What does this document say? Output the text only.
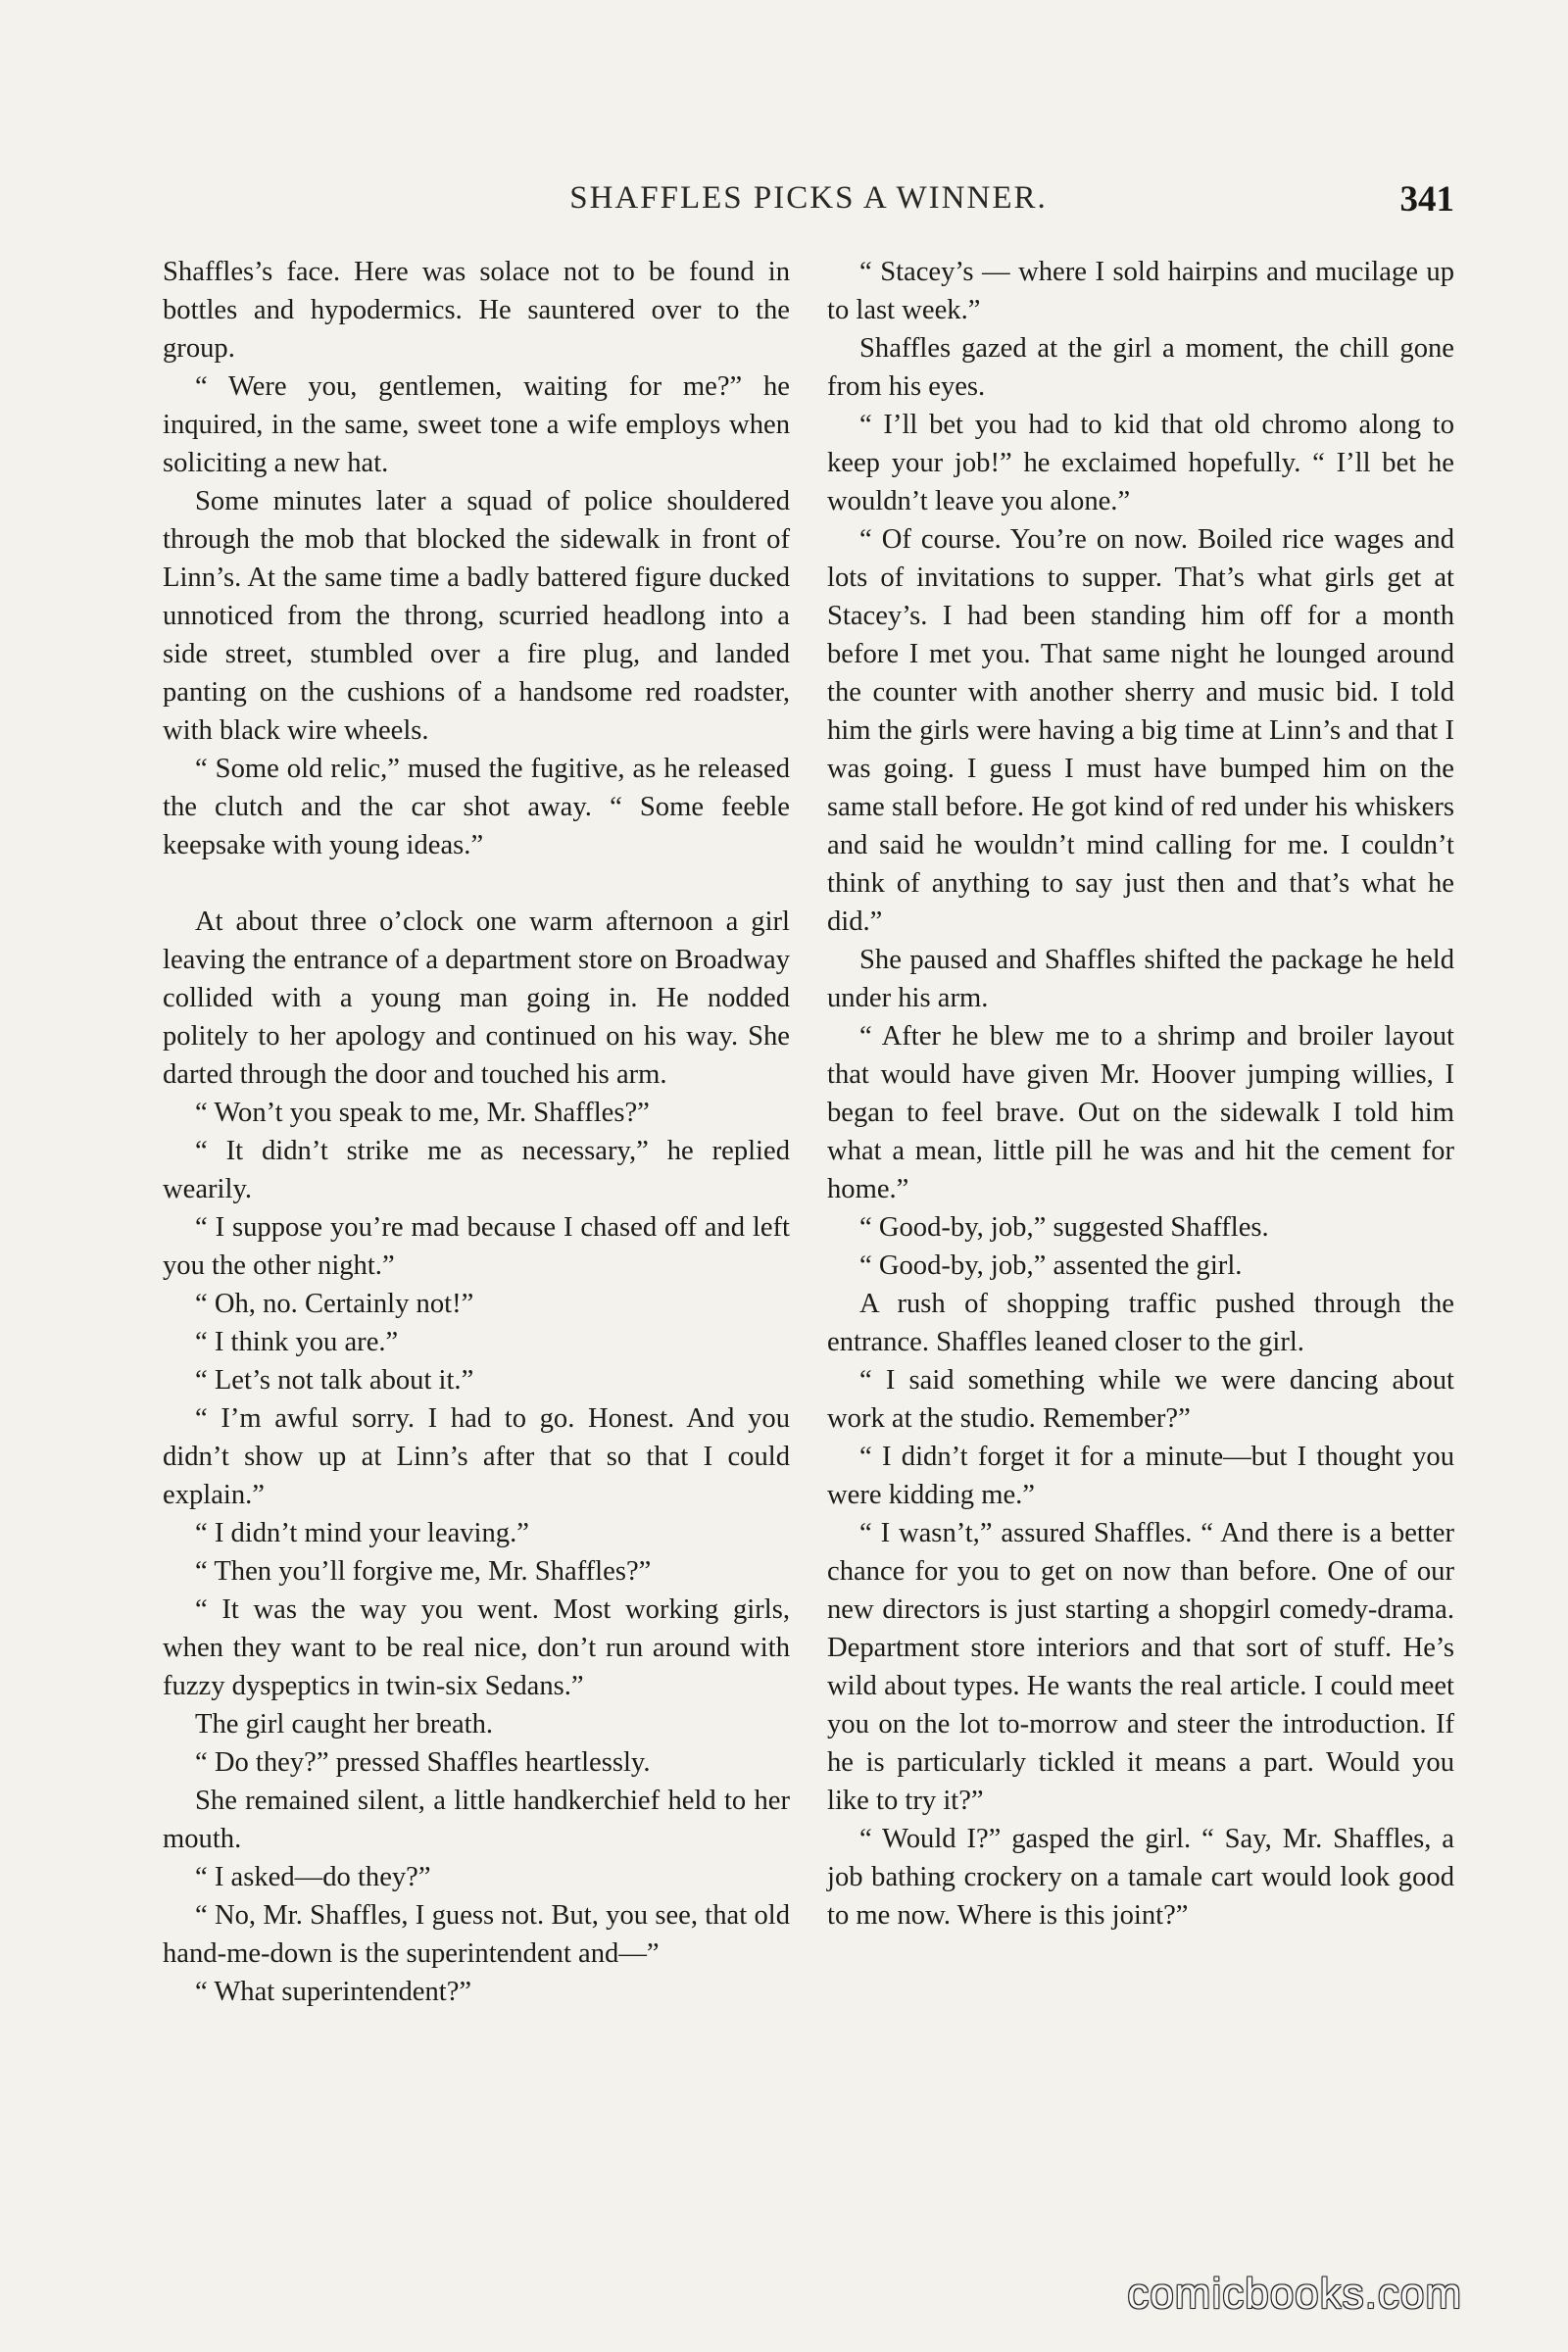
SHAFFLES PICKS A WINNER.	341

Shaffles’s face. Here was solace not to be found in bottles and hypodermics. He sauntered over to the group.

“ Were you, gentlemen, waiting for me?” he inquired, in the same, sweet tone a wife employs when soliciting a new hat.

Some minutes later a squad of police shouldered through the mob that blocked the sidewalk in front of Linn’s. At the same time a badly battered figure ducked unnoticed from the throng, scurried headlong into a side street, stumbled over a fire plug, and landed panting on the cushions of a handsome red roadster, with black wire wheels.

“ Some old relic,” mused the fugitive, as he released the clutch and the car shot away. “ Some feeble keepsake with young ideas.”

At about three o’clock one warm afternoon a girl leaving the entrance of a department store on Broadway collided with a young man going in. He nodded politely to her apology and continued on his way. She darted through the door and touched his arm.

“ Won’t you speak to me, Mr. Shaffles?”

“ It didn’t strike me as necessary,” he replied wearily.

“ I suppose you’re mad because I chased off and left you the other night.”

“ Oh, no. Certainly not!”

“ I think you are.”

“ Let’s not talk about it.”

“ I’m awful sorry. I had to go. Honest. And you didn’t show up at Linn’s after that so that I could explain.”

“ I didn’t mind your leaving.”

“ Then you’ll forgive me, Mr. Shaffles?”

“ It was the way you went. Most working girls, when they want to be real nice, don’t run around with fuzzy dyspeptics in twin-six Sedans.”

The girl caught her breath.

“ Do they?” pressed Shaffles heartlessly.

She remained silent, a little handkerchief held to her mouth.

“ I asked—do they?”

“ No, Mr. Shaffles, I guess not. But, you see, that old hand-me-down is the superintendent and—”

“ What superintendent?”

“ Stacey’s — where I sold hairpins and mucilage up to last week.”

Shaffles gazed at the girl a moment, the chill gone from his eyes.

“ I’ll bet you had to kid that old chromo along to keep your job!” he exclaimed hopefully. “ I’ll bet he wouldn’t leave you alone.”

“ Of course. You’re on now. Boiled rice wages and lots of invitations to supper. That’s what girls get at Stacey’s. I had been standing him off for a month before I met you. That same night he lounged around the counter with another sherry and music bid. I told him the girls were having a big time at Linn’s and that I was going. I guess I must have bumped him on the same stall before. He got kind of red under his whiskers and said he wouldn’t mind calling for me. I couldn’t think of anything to say just then and that’s what he did.”

She paused and Shaffles shifted the package he held under his arm.

“ After he blew me to a shrimp and broiler layout that would have given Mr. Hoover jumping willies, I began to feel brave. Out on the sidewalk I told him what a mean, little pill he was and hit the cement for home.”

“ Good-by, job,” suggested Shaffles.

“ Good-by, job,” assented the girl.

A rush of shopping traffic pushed through the entrance. Shaffles leaned closer to the girl.

“ I said something while we were dancing about work at the studio. Remember?”

“ I didn’t forget it for a minute—but I thought you were kidding me.”

“ I wasn’t,” assured Shaffles. “ And there is a better chance for you to get on now than before. One of our new directors is just starting a shopgirl comedy-drama. Department store interiors and that sort of stuff. He’s wild about types. He wants the real article. I could meet you on the lot to-morrow and steer the introduction. If he is particularly tickled it means a part. Would you like to try it?”

“ Would I?” gasped the girl. “ Say, Mr. Shaffles, a job bathing crockery on a tamale cart would look good to me now. Where is this joint?”

comicbooks.com
